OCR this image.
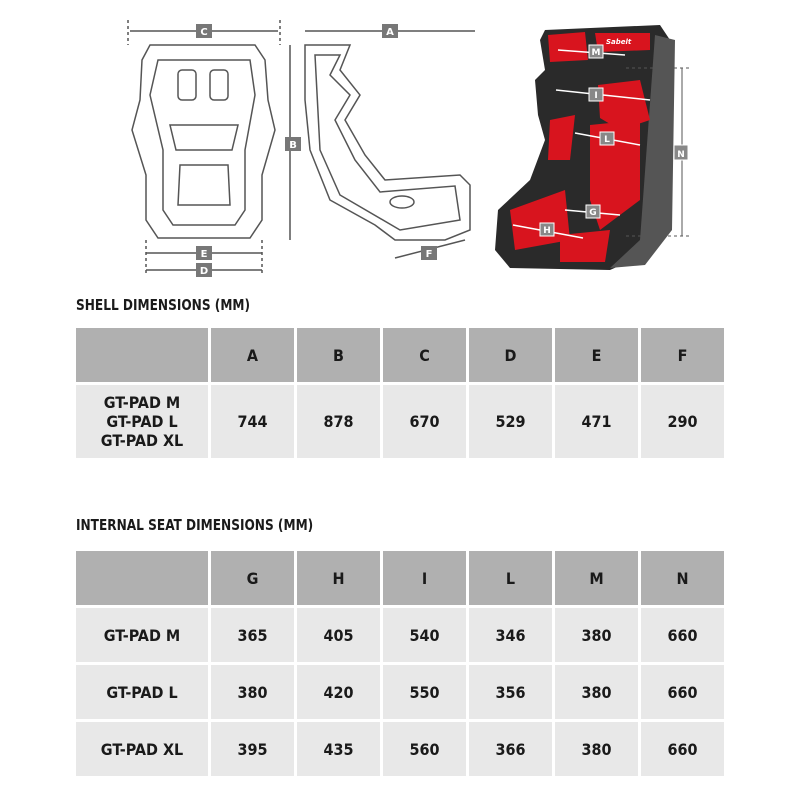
C
E
D
A
B
F
M
I
L
G
H
N
Sabelt
SHELL DIMENSIONS (MM)
	A	B	C	D	E	F

GT-PAD M
GT-PAD L
GT-PAD XL	744	878	670	529	471	290
INTERNAL SEAT DIMENSIONS (MM)
	G	H	I	L	M	N
GT-PAD M	365	405	540	346	380	660
GT-PAD L	380	420	550	356	380	660
GT-PAD XL	395	435	560	366	380	660
